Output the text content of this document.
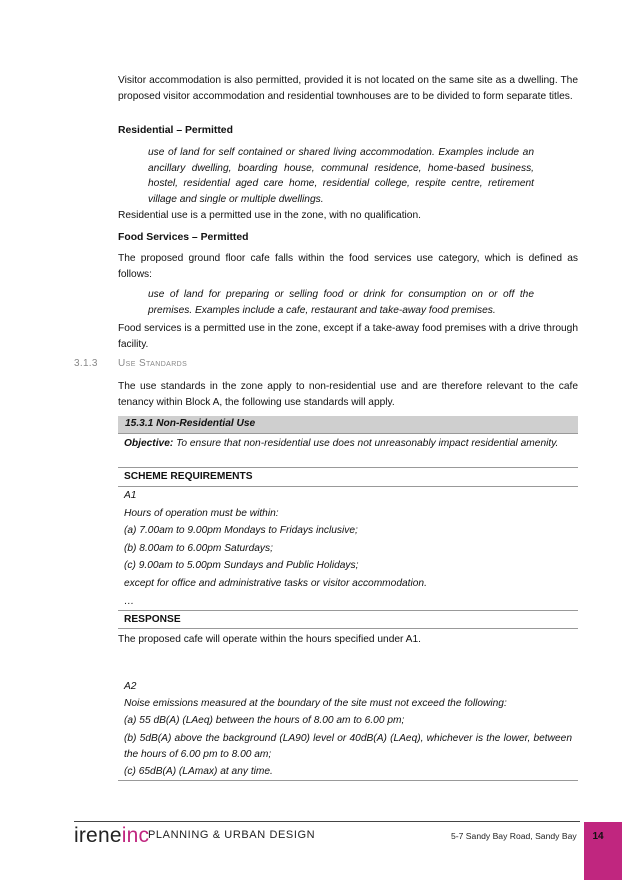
Visitor accommodation is also permitted, provided it is not located on the same site as a dwelling. The proposed visitor accommodation and residential townhouses are to be divided to form separate titles.
Residential – Permitted
use of land for self contained or shared living accommodation. Examples include an ancillary dwelling, boarding house, communal residence, home-based business, hostel, residential aged care home, residential college, respite centre, retirement village and single or multiple dwellings.
Residential use is a permitted use in the zone, with no qualification.
Food Services – Permitted
The proposed ground floor cafe falls within the food services use category, which is defined as follows:
use of land for preparing or selling food or drink for consumption on or off the premises. Examples include a cafe, restaurant and take-away food premises.
Food services is a permitted use in the zone, except if a take-away food premises with a drive through facility.
3.1.3 Use Standards
The use standards in the zone apply to non-residential use and are therefore relevant to the cafe tenancy within Block A, the following use standards will apply.
15.3.1 Non-Residential Use
Objective: To ensure that non-residential use does not unreasonably impact residential amenity.
SCHEME REQUIREMENTS
A1
Hours of operation must be within:
(a) 7.00am to 9.00pm Mondays to Fridays inclusive;
(b) 8.00am to 6.00pm Saturdays;
(c) 9.00am to 5.00pm Sundays and Public Holidays;
except for office and administrative tasks or visitor accommodation.
…
RESPONSE
The proposed cafe will operate within the hours specified under A1.
A2
Noise emissions measured at the boundary of the site must not exceed the following:
(a) 55 dB(A) (LAeq) between the hours of 8.00 am to 6.00 pm;
(b) 5dB(A) above the background (LA90) level or 40dB(A) (LAeq), whichever is the lower, between the hours of 6.00 pm to 8.00 am;
(c) 65dB(A) (LAmax) at any time.
ireneinc
PLANNING & URBAN DESIGN	5-7 Sandy Bay Road, Sandy Bay	14
